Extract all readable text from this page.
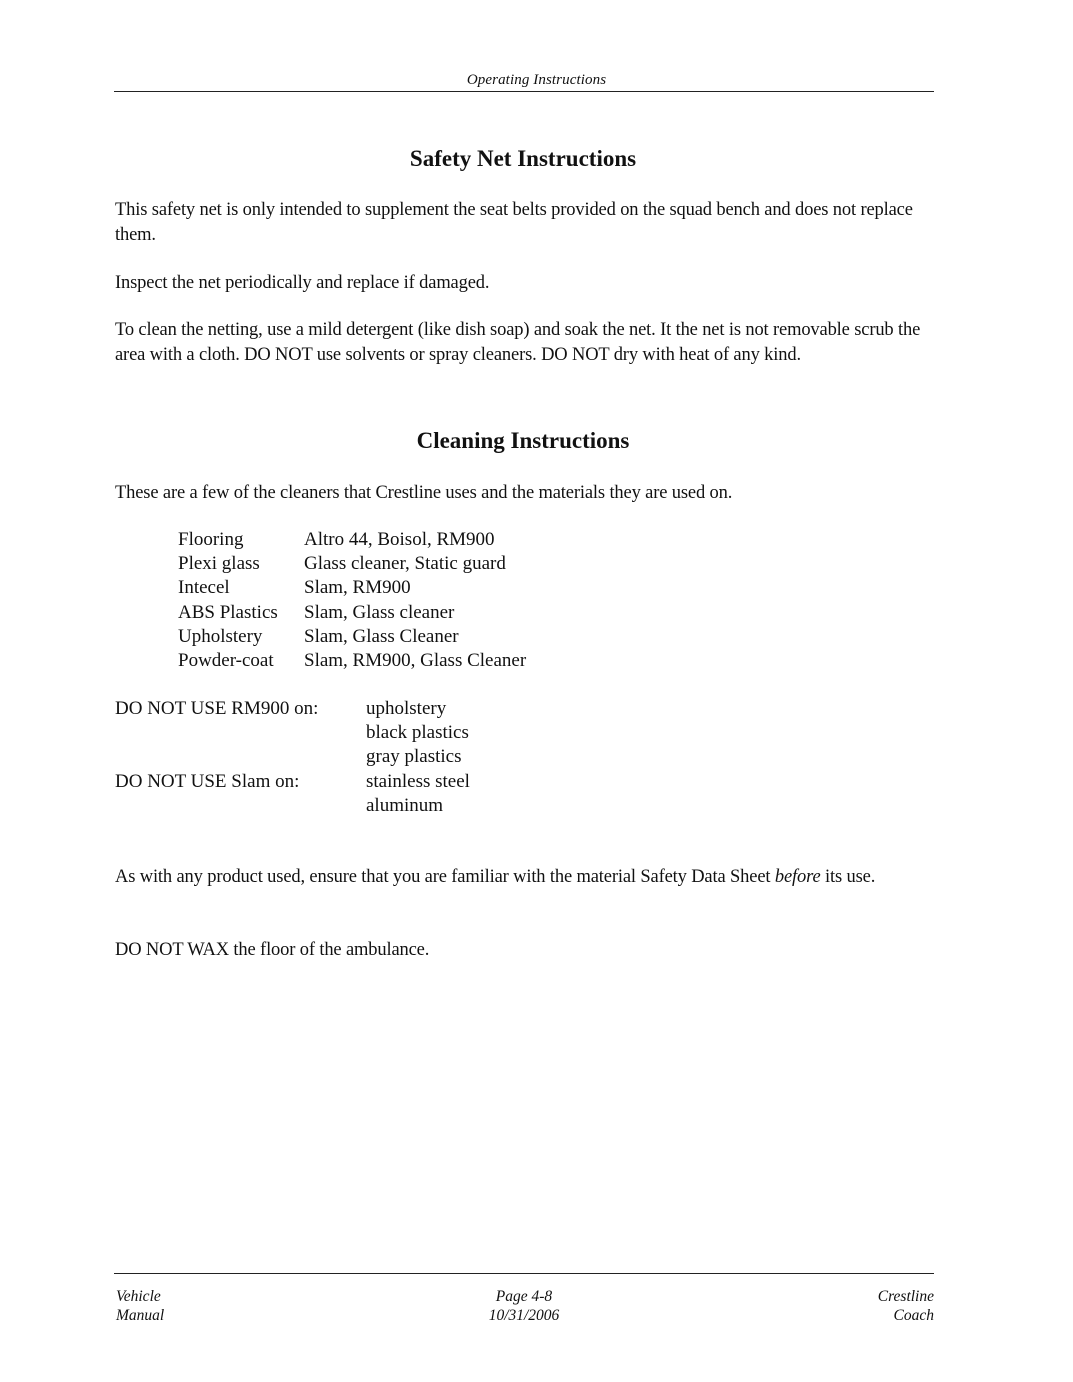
Operating Instructions
Safety Net Instructions

This safety net is only intended to supplement the seat belts provided on the squad bench and does not replace them.

Inspect the net periodically and replace if damaged.

To clean the netting, use a mild detergent (like dish soap) and soak the net. It the net is not removable scrub the area with a cloth. DO NOT use solvents or spray cleaners. DO NOT dry with heat of any kind.

Cleaning Instructions

These are a few of the cleaners that Crestline uses and the materials they are used on.

Flooring	Altro 44, Boisol, RM900
Plexi glass	Glass cleaner, Static guard
Intecel	Slam, RM900
ABS Plastics	Slam, Glass cleaner
Upholstery	Slam, Glass Cleaner
Powder-coat	Slam, RM900, Glass Cleaner
DO NOT USE RM900 on:	upholstery
black plastics
gray plastics
DO NOT USE Slam on:	stainless steel
aluminum

As with any product used, ensure that you are familiar with the material Safety Data Sheet before its use.

DO NOT WAX the floor of the ambulance.

Vehicle
Manual
Page 4-8
10/31/2006
Crestline
Coach
